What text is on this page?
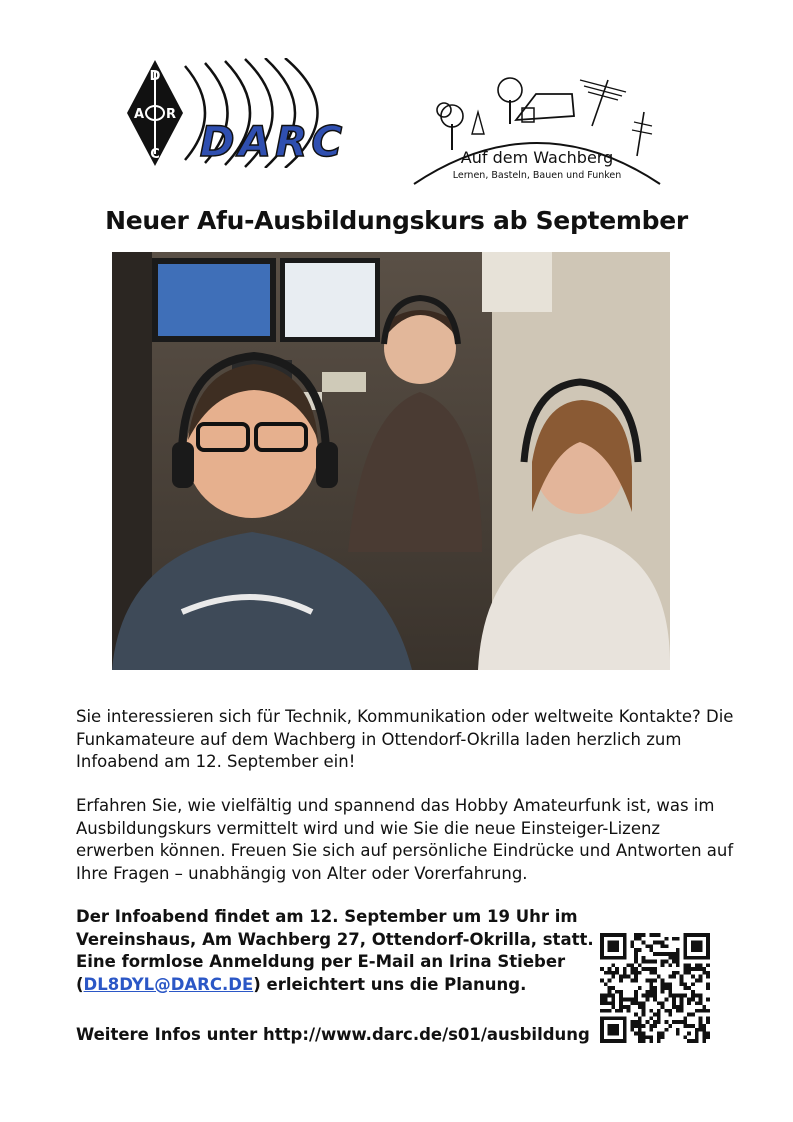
D
A R
C DARC	Auf dem Wachberg

Lernen, Basteln, Bauen und Funken

Neuer Afu-Ausbildungskurs ab September

Sie interessieren sich für Technik, Kommunikation oder weltweite Kontakte? Die Funkamateure auf dem Wachberg in Ottendorf-Okrilla laden herzlich zum Infoabend am 12. September ein!

Erfahren Sie, wie vielfältig und spannend das Hobby Amateurfunk ist, was im Ausbildungskurs vermittelt wird und wie Sie die neue Einsteiger-Lizenz erwerben können. Freuen Sie sich auf persönliche Eindrücke und Antworten auf Ihre Fragen – unabhängig von Alter oder Vorerfahrung.

Der Infoabend findet am 12. September um 19 Uhr im Vereinshaus, Am Wachberg 27, Ottendorf-Okrilla, statt. Eine formlose Anmeldung per E-Mail an Irina Stieber (DL8DYL@DARC.DE) erleichtert uns die Planung.

Weitere Infos unter http://www.darc.de/s01/ausbildung
